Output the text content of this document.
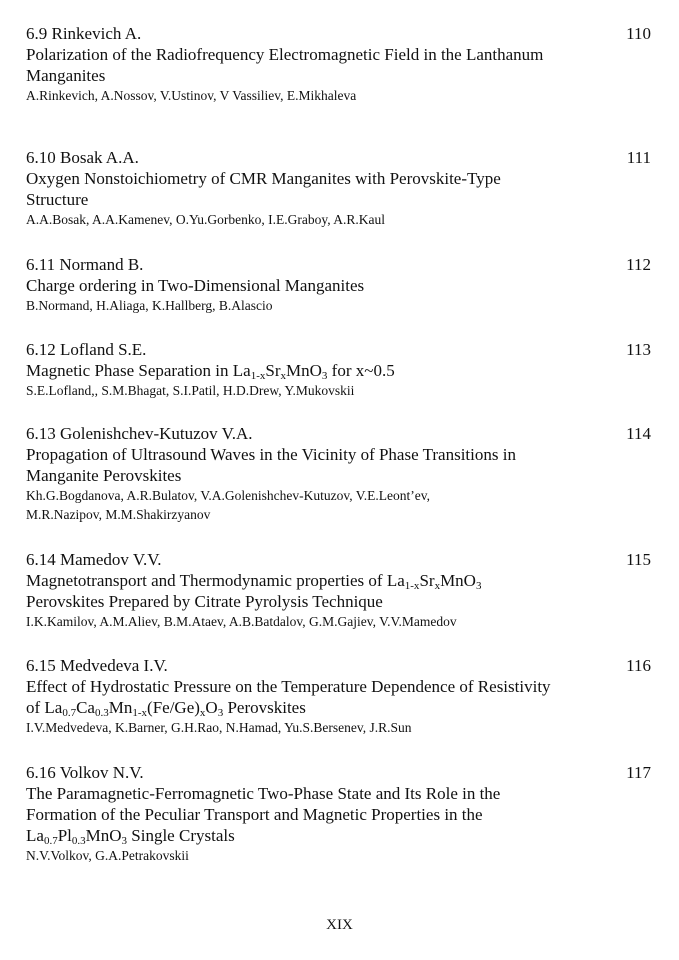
6.9 Rinkevich A.	110
Polarization of the Radiofrequency Electromagnetic Field in the Lanthanum
Manganites
A.Rinkevich, A.Nossov, V.Ustinov, V Vassiliev, E.Mikhaleva
6.10 Bosak A.A.	111
Oxygen Nonstoichiometry of CMR Manganites with Perovskite-Type
Structure
A.A.Bosak, A.A.Kamenev, O.Yu.Gorbenko, I.E.Graboy, A.R.Kaul
6.11 Normand B.	112
Charge ordering in Two-Dimensional Manganites
B.Normand, H.Aliaga, K.Hallberg, B.Alascio
6.12 Lofland S.E.	113
Magnetic Phase Separation in $La_{1-x}Sr_xMnO_3$ for x~0.5
S.E.Lofland,, S.M.Bhagat, S.I.Patil, H.D.Drew, Y.Mukovskii
6.13 Golenishchev-Kutuzov V.A.	114
Propagation of Ultrasound Waves in the Vicinity of Phase Transitions in
Manganite Perovskites
Kh.G.Bogdanova, A.R.Bulatov, V.A.Golenishchev-Kutuzov, V.E.Leont’ev,
M.R.Nazipov, M.M.Shakirzyanov
6.14 Mamedov V.V.	115
Magnetotransport and Thermodynamic properties of $La_{1-x}Sr_xMnO_3$
Perovskites Prepared by Citrate Pyrolysis Technique
I.K.Kamilov, A.M.Aliev, B.M.Ataev, A.B.Batdalov, G.M.Gajiev, V.V.Mamedov
6.15 Medvedeva I.V.	116
Effect of Hydrostatic Pressure on the Temperature Dependence of Resistivity
of $La_{0.7}Ca_{0.3}Mn_{1-x}(Fe/Ge)_xO_3$ Perovskites
I.V.Medvedeva, K.Barner, G.H.Rao, N.Hamad, Yu.S.Bersenev, J.R.Sun
6.16 Volkov N.V.	117
The Paramagnetic-Ferromagnetic Two-Phase State and Its Role in the
Formation of the Peculiar Transport and Magnetic Properties in the
$La_{0.7}Pl_{0.3}MnO_3$ Single Crystals
N.V.Volkov, G.A.Petrakovskii
XIX
